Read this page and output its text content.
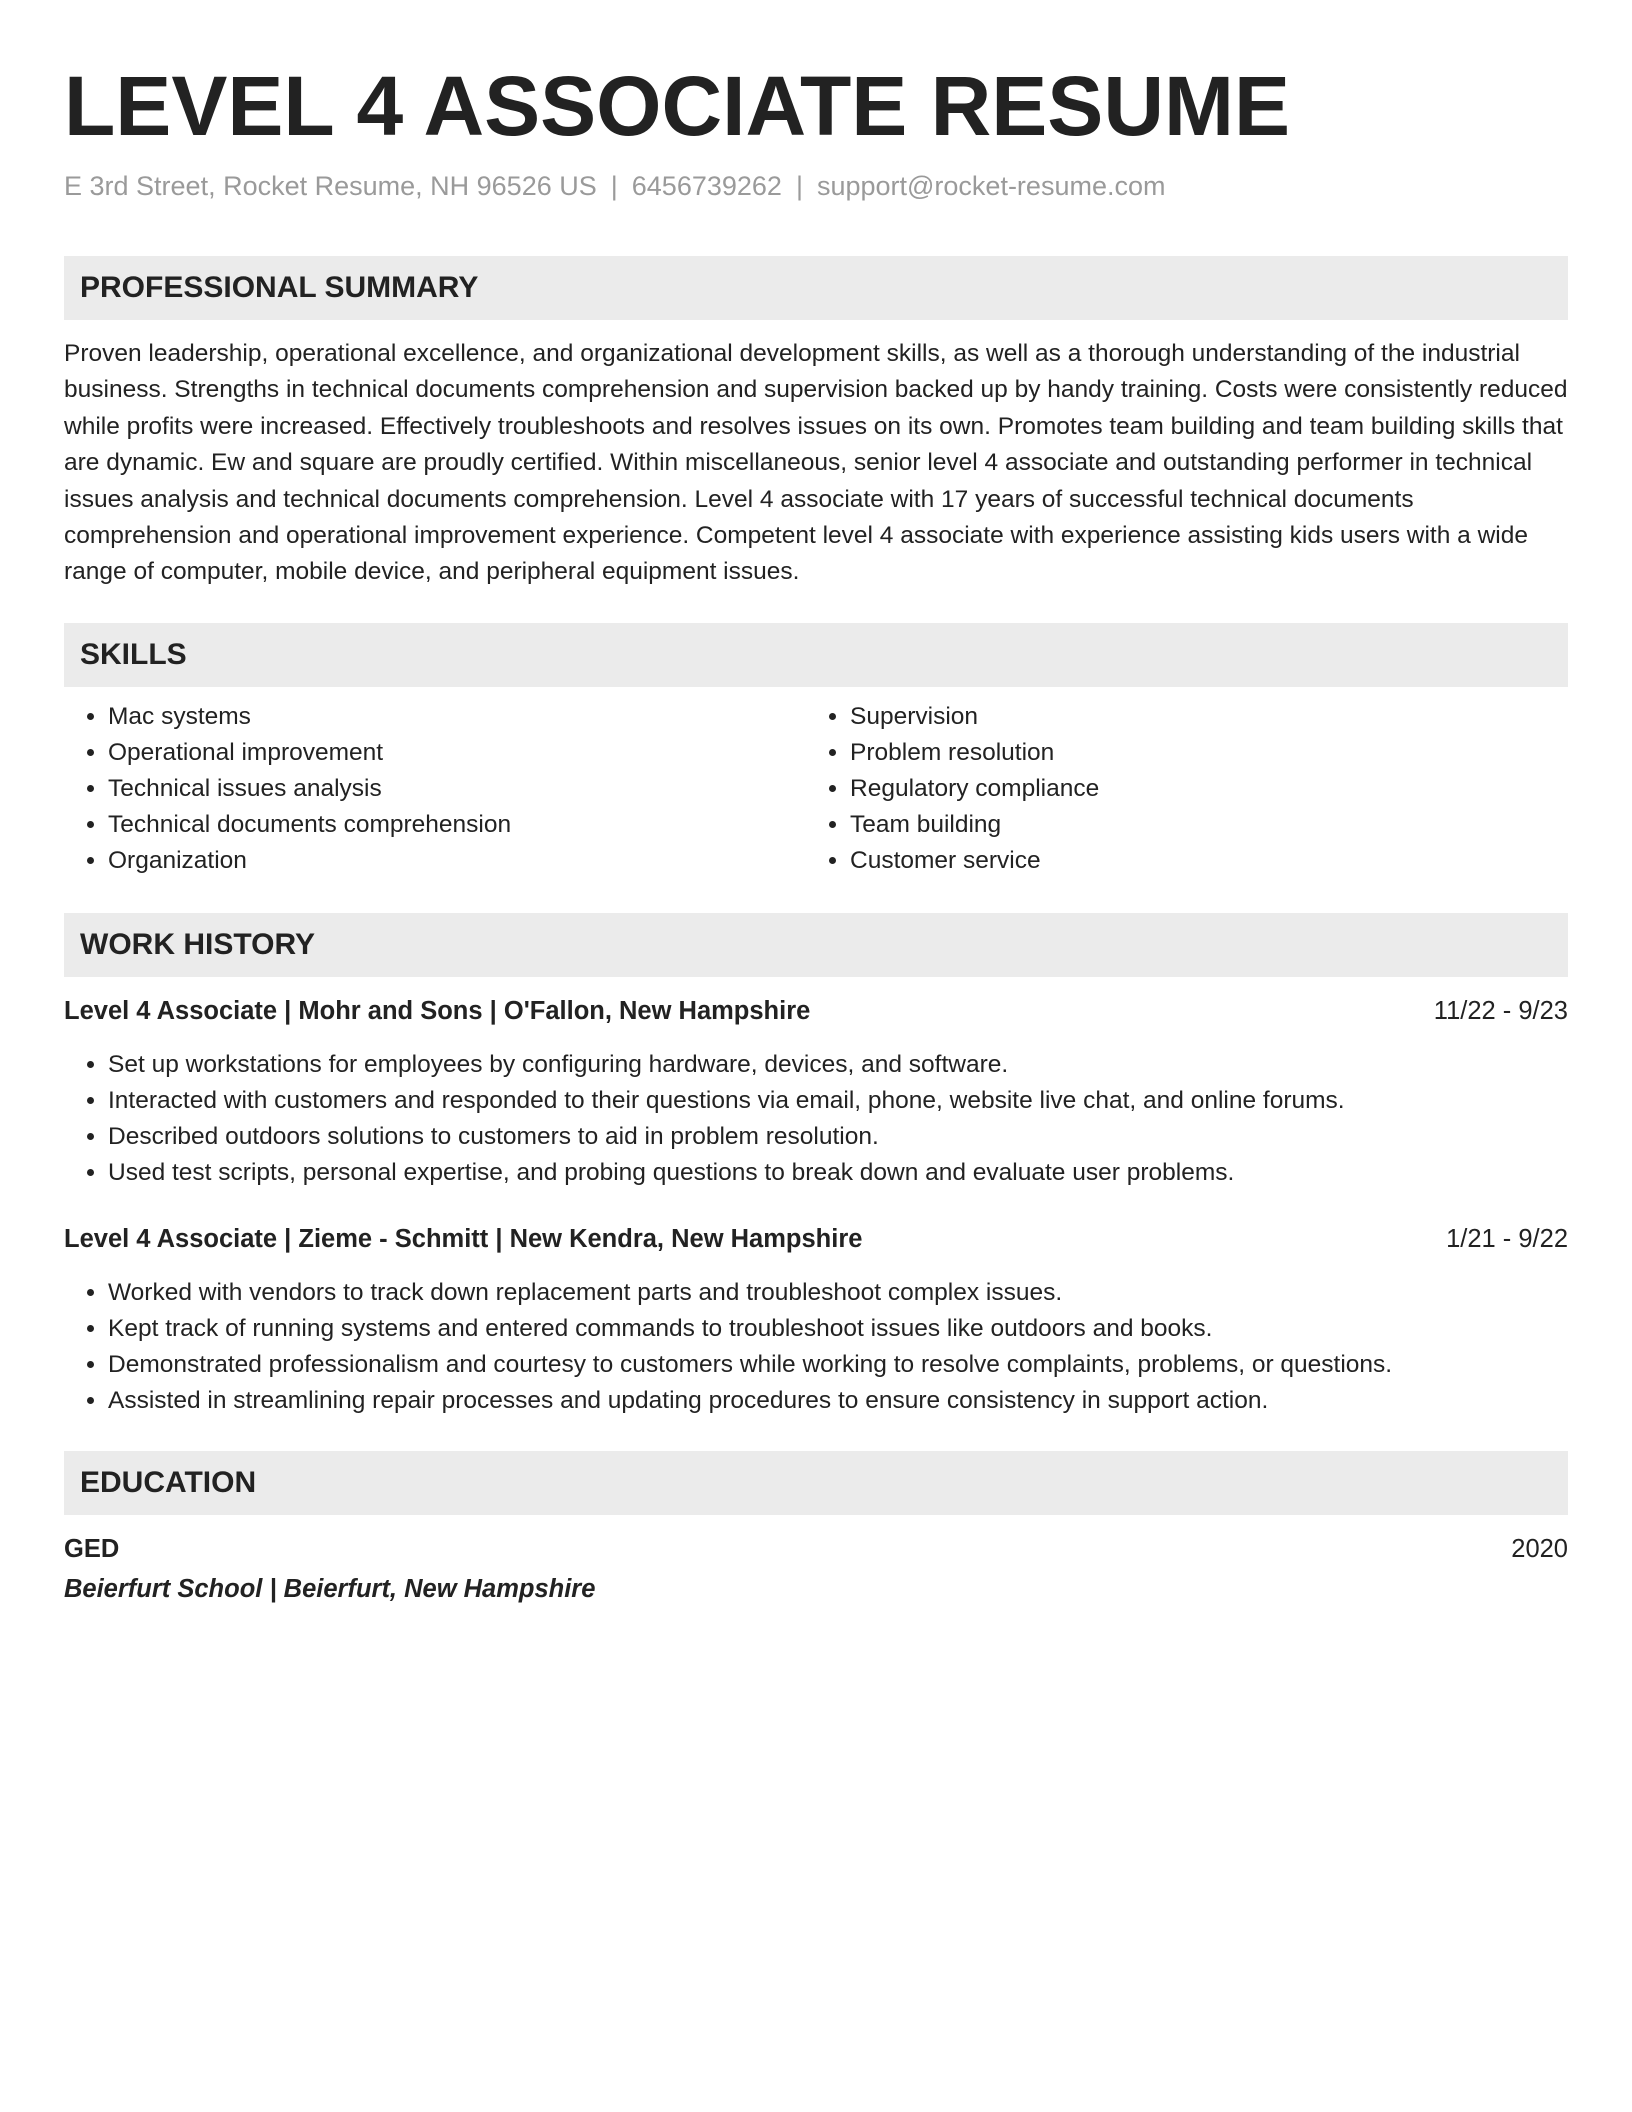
LEVEL 4 ASSOCIATE RESUME
E 3rd Street, Rocket Resume, NH 96526 US | 6456739262 | support@rocket-resume.com
PROFESSIONAL SUMMARY
Proven leadership, operational excellence, and organizational development skills, as well as a thorough understanding of the industrial business. Strengths in technical documents comprehension and supervision backed up by handy training. Costs were consistently reduced while profits were increased. Effectively troubleshoots and resolves issues on its own. Promotes team building and team building skills that are dynamic. Ew and square are proudly certified. Within miscellaneous, senior level 4 associate and outstanding performer in technical issues analysis and technical documents comprehension. Level 4 associate with 17 years of successful technical documents comprehension and operational improvement experience. Competent level 4 associate with experience assisting kids users with a wide range of computer, mobile device, and peripheral equipment issues.
SKILLS
• Mac systems
• Operational improvement
• Technical issues analysis
• Technical documents comprehension
• Organization
• Supervision
• Problem resolution
• Regulatory compliance
• Team building
• Customer service
WORK HISTORY
Level 4 Associate | Mohr and Sons | O'Fallon, New Hampshire	11/22 - 9/23
• Set up workstations for employees by configuring hardware, devices, and software.
• Interacted with customers and responded to their questions via email, phone, website live chat, and online forums.
• Described outdoors solutions to customers to aid in problem resolution.
• Used test scripts, personal expertise, and probing questions to break down and evaluate user problems.
Level 4 Associate | Zieme - Schmitt | New Kendra, New Hampshire	1/21 - 9/22
• Worked with vendors to track down replacement parts and troubleshoot complex issues.
• Kept track of running systems and entered commands to troubleshoot issues like outdoors and books.
• Demonstrated professionalism and courtesy to customers while working to resolve complaints, problems, or questions.
• Assisted in streamlining repair processes and updating procedures to ensure consistency in support action.
EDUCATION
GED	2020
Beierfurt School | Beierfurt, New Hampshire
